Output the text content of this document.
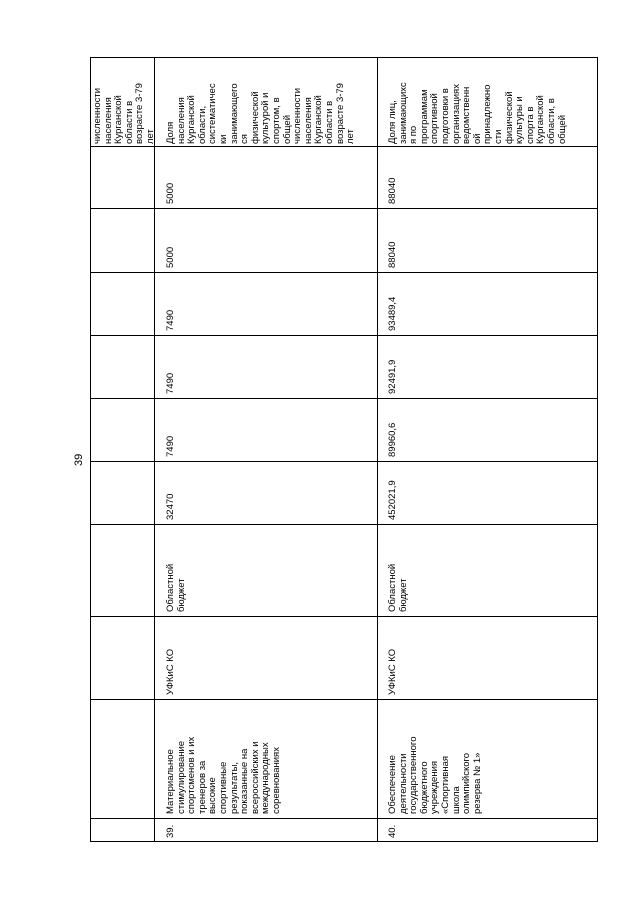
39
численности
населения
Курганской
области в
возрасте 3-79
лет Доля
населения
Курганской
области,
систематичес
ки
занимающего
ся
физической
культурой и
спортом, в
общей
численности
населения
Курганской
области в
возрасте 3-79
лет
5000
5000
7490
7490
7490
32470
Областной
бюджет
УФКиС КО
Материальное
стимулирование
спортсменов и их
тренеров за
высокие
спортивные
результаты,
показанные на
всероссийских и
международных
соревнованиях
39.
Доля лиц,
занимающихс
я по
программам
спортивной
подготовки в
организациях
ведомственн
ой
принадлежно
сти
физической
культуры и
спорта в
Курганской
области, в
общей
88040
88040
93489,4
92491,9
89960,6
452021,9
Областной
бюджет
УФКиС КО
Обеспечение
деятельности
государственного
бюджетного
учреждения
«Спортивная
школа
олимпийского
резерва № 1»
40.
